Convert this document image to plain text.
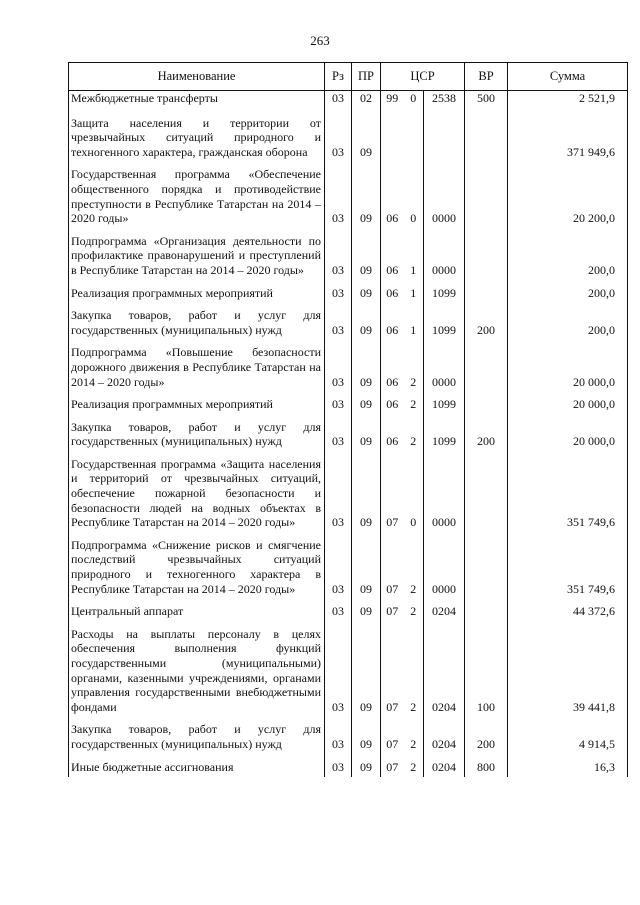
263
Наименование	Рз	ПР	ЦСР			ВР	Сумма
Межбюджетные трансферты	03	02	99	0	2538	500	2 521,9
Защита населения и территории от чрезвычайных ситуаций природного и техногенного характера, гражданская оборона	03	09					371 949,6
Государственная программа «Обеспечение общественного порядка и противодействие преступности в Республике Татарстан на 2014 – 2020 годы»	03	09	06	0	0000		20 200,0
Подпрограмма «Организация деятельности по профилактике правонарушений и преступлений в Республике Татарстан на 2014 – 2020 годы»	03	09	06	1	0000		200,0
Реализация программных мероприятий	03	09	06	1	1099		200,0
Закупка товаров, работ и услуг для государственных (муниципальных) нужд	03	09	06	1	1099	200	200,0
Подпрограмма «Повышение безопасности дорожного движения в Республике Татарстан на 2014 – 2020 годы»	03	09	06	2	0000		20 000,0
Реализация программных мероприятий	03	09	06	2	1099		20 000,0
Закупка товаров, работ и услуг для государственных (муниципальных) нужд	03	09	06	2	1099	200	20 000,0
Государственная программа «Защита населения и территорий от чрезвычайных ситуаций, обеспечение пожарной безопасности и безопасности людей на водных объектах в Республике Татарстан на 2014 – 2020 годы»	03	09	07	0	0000		351 749,6
Подпрограмма «Снижение рисков и смягчение последствий чрезвычайных ситуаций природного и техногенного характера в Республике Татарстан на 2014 – 2020 годы»	03	09	07	2	0000		351 749,6
Центральный аппарат	03	09	07	2	0204		44 372,6
Расходы на выплаты персоналу в целях обеспечения выполнения функций государственными (муниципальными) органами, казенными учреждениями, органами управления государственными внебюджетными фондами	03	09	07	2	0204	100	39 441,8
Закупка товаров, работ и услуг для государственных (муниципальных) нужд	03	09	07	2	0204	200	4 914,5
Иные бюджетные ассигнования	03	09	07	2	0204	800	16,3
